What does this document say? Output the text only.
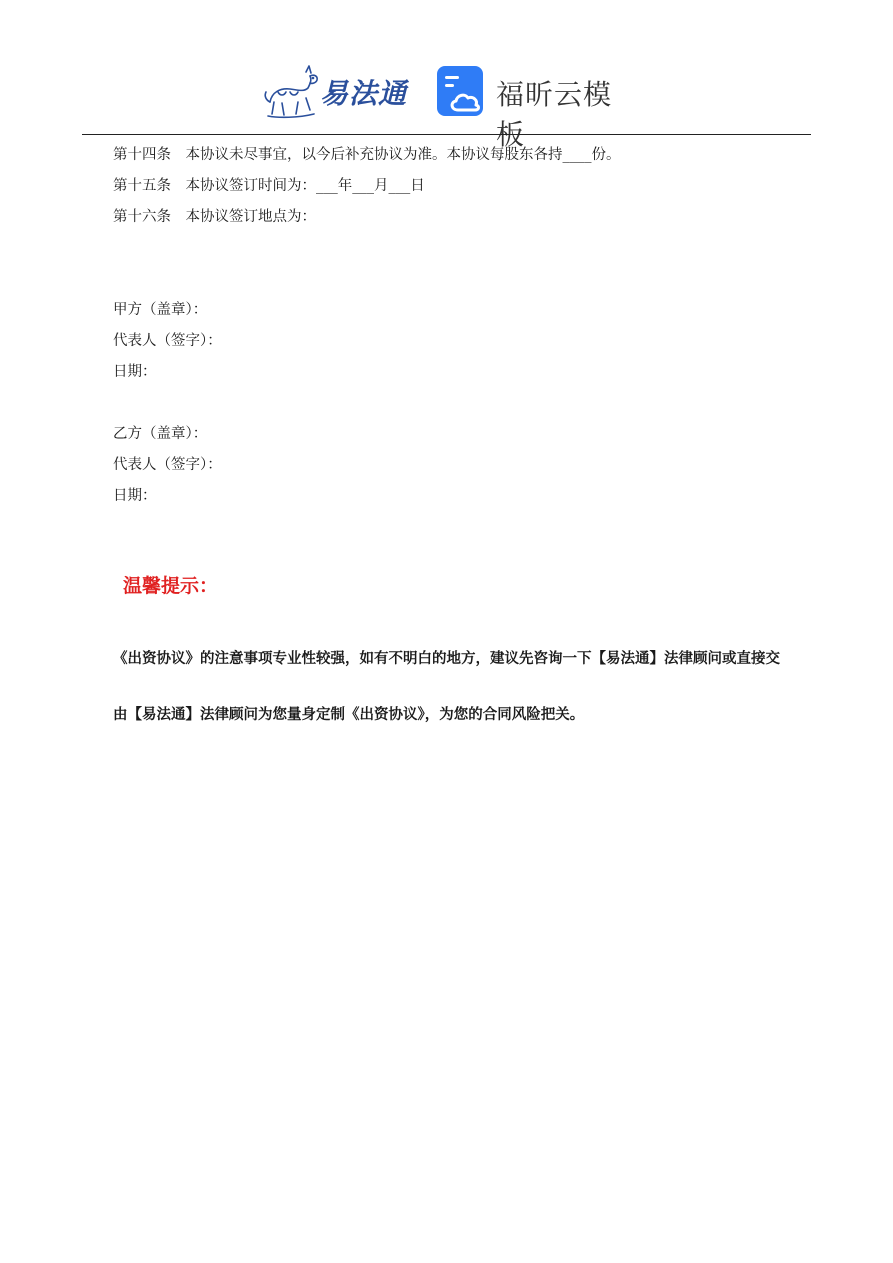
易法通	福昕云模板
第十四条　本协议未尽事宜，以今后补充协议为准。本协议每股东各持____份。
第十五条　本协议签订时间为：___年___月___日
第十六条　本协议签订地点为：
甲方（盖章）：
代表人（签字）：
日期：
乙方（盖章）：
代表人（签字）：
日期：
温馨提示：
《出资协议》的注意事项专业性较强，如有不明白的地方，建议先咨询一下【易法通】法律顾问或直接交由【易法通】法律顾问为您量身定制《出资协议》，为您的合同风险把关。
